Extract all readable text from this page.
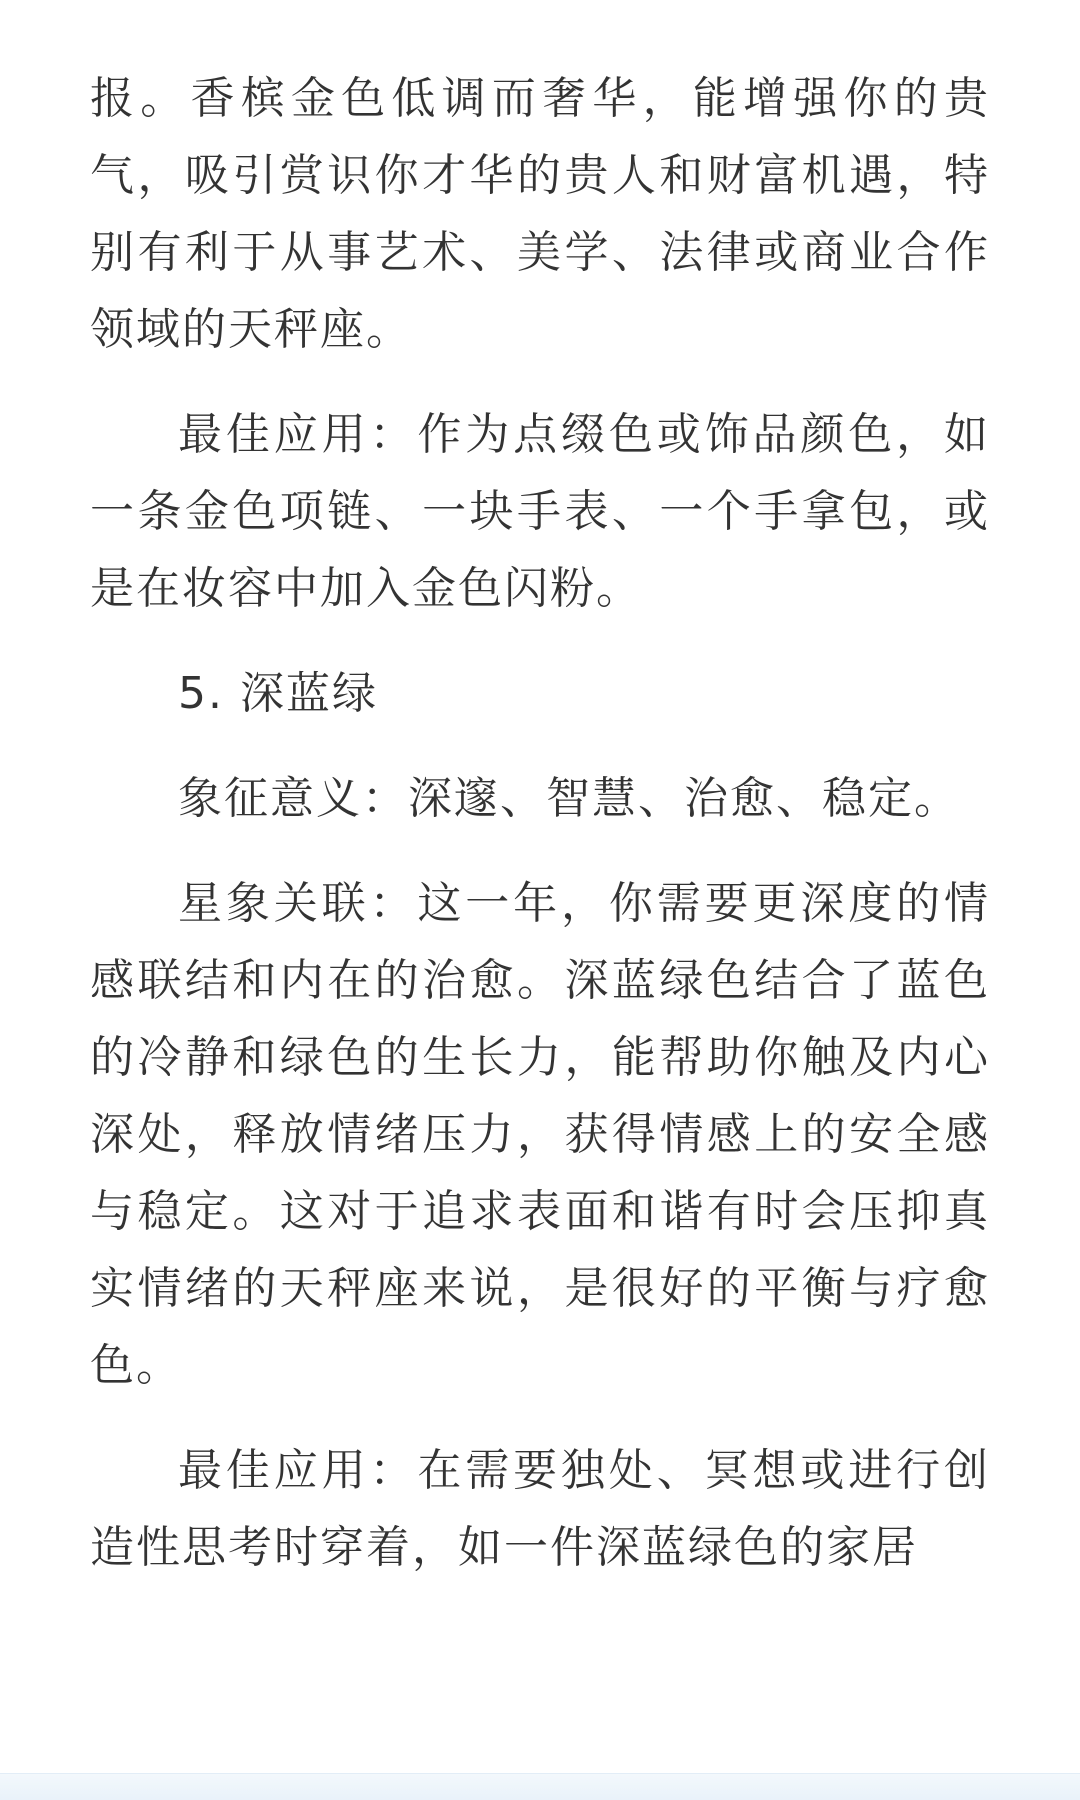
报。香槟金色低调而奢华，能增强你的贵气，吸引赏识你才华的贵人和财富机遇，特别有利于从事艺术、美学、法律或商业合作领域的天秤座。

最佳应用：作为点缀色或饰品颜色，如一条金色项链、一块手表、一个手拿包，或是在妆容中加入金色闪粉。

5. 深蓝绿

象征意义：深邃、智慧、治愈、稳定。

星象关联：这一年，你需要更深度的情感联结和内在的治愈。深蓝绿色结合了蓝色的冷静和绿色的生长力，能帮助你触及内心深处，释放情绪压力，获得情感上的安全感与稳定。这对于追求表面和谐有时会压抑真实情绪的天秤座来说，是很好的平衡与疗愈色。

最佳应用：在需要独处、冥想或进行创造性思考时穿着，如一件深蓝绿色的家居
